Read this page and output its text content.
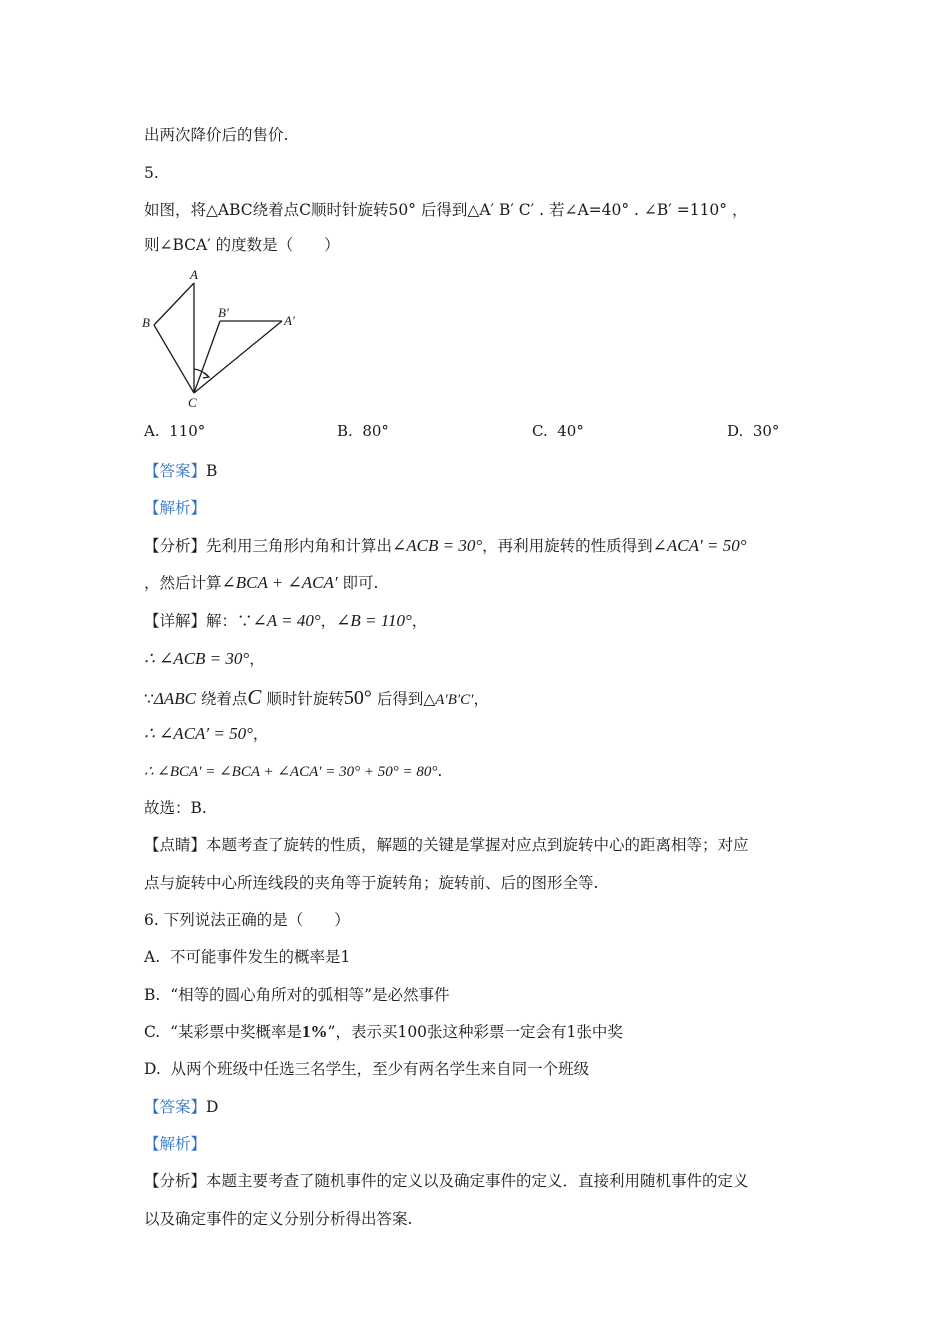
出两次降价后的售价.
5.
如图，将△ABC绕着点C顺时针旋转50° 后得到△A′ B′ C′ . 若∠A=40° . ∠B′ =110° ，
则∠BCA′ 的度数是（　　）
A
B
C
B′
A′
A. 110°	B. 80°	C. 40°	D. 30°
【答案】B
【解析】
【分析】先利用三角形内角和计算出∠ACB = 30°，再利用旋转的性质得到∠ACA′ = 50°
，然后计算∠BCA + ∠ACA′ 即可.
【详解】解：∵∠A = 40°，∠B = 110°，
∴ ∠ACB = 30°，
∵ΔABC 绕着点C 顺时针旋转50° 后得到△A′B′C′，
∴ ∠ACA′ = 50°，
∴ ∠BCA′ = ∠BCA + ∠ACA′ = 30° + 50° = 80°.
故选：B.
【点睛】本题考查了旋转的性质，解题的关键是掌握对应点到旋转中心的距离相等；对应
点与旋转中心所连线段的夹角等于旋转角；旋转前、后的图形全等.
6. 下列说法正确的是（　　）
A. 不可能事件发生的概率是1
B. “相等的圆心角所对的弧相等”是必然事件
C. “某彩票中奖概率是1%”，表示买100张这种彩票一定会有1张中奖
D. 从两个班级中任选三名学生，至少有两名学生来自同一个班级
【答案】D
【解析】
【分析】本题主要考查了随机事件的定义以及确定事件的定义．直接利用随机事件的定义
以及确定事件的定义分别分析得出答案.
